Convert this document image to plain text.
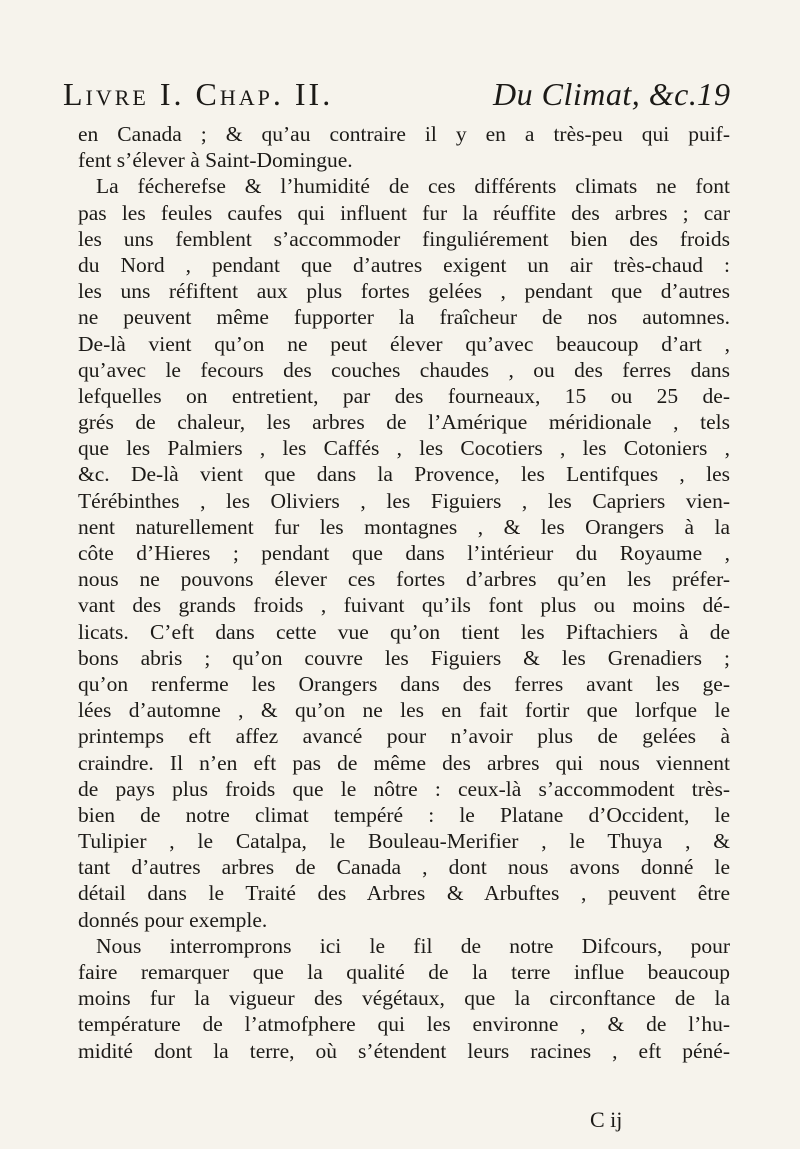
Livre I. Chap. II.	Du Climat, &c. 19
en Canada ; & qu’au contraire il y en a très-peu qui puif-
fent s’élever à Saint-Domingue.
La fécherefse & l’humidité de ces différents climats ne font
pas les feules caufes qui influent fur la réuffite des arbres ; car
les uns femblent s’accommoder finguliérement bien des froids
du Nord , pendant que d’autres exigent un air très-chaud :
les uns réfiftent aux plus fortes gelées , pendant que d’autres
ne peuvent même fupporter la fraîcheur de nos automnes.
De-là vient qu’on ne peut élever qu’avec beaucoup d’art ,
qu’avec le fecours des couches chaudes , ou des ferres dans
lefquelles on entretient, par des fourneaux, 15 ou 25 de-
grés de chaleur, les arbres de l’Amérique méridionale , tels
que les Palmiers , les Caffés , les Cocotiers , les Cotoniers ,
&c. De-là vient que dans la Provence, les Lentifques , les
Térébinthes , les Oliviers , les Figuiers , les Capriers vien-
nent naturellement fur les montagnes , & les Orangers à la
côte d’Hieres ; pendant que dans l’intérieur du Royaume ,
nous ne pouvons élever ces fortes d’arbres qu’en les préfer-
vant des grands froids , fuivant qu’ils font plus ou moins dé-
licats. C’eft dans cette vue qu’on tient les Piftachiers à de
bons abris ; qu’on couvre les Figuiers & les Grenadiers ;
qu’on renferme les Orangers dans des ferres avant les ge-
lées d’automne , & qu’on ne les en fait fortir que lorfque le
printemps eft affez avancé pour n’avoir plus de gelées à
craindre. Il n’en eft pas de même des arbres qui nous viennent
de pays plus froids que le nôtre : ceux-là s’accommodent très-
bien de notre climat tempéré : le Platane d’Occident, le
Tulipier , le Catalpa, le Bouleau-Merifier , le Thuya , &
tant d’autres arbres de Canada , dont nous avons donné le
détail dans le Traité des Arbres & Arbuftes , peuvent être
donnés pour exemple.
Nous interromprons ici le fil de notre Difcours, pour
faire remarquer que la qualité de la terre influe beaucoup
moins fur la vigueur des végétaux, que la circonftance de la
température de l’atmofphere qui les environne , & de l’hu-
midité dont la terre, où s’étendent leurs racines , eft péné-
C ij
